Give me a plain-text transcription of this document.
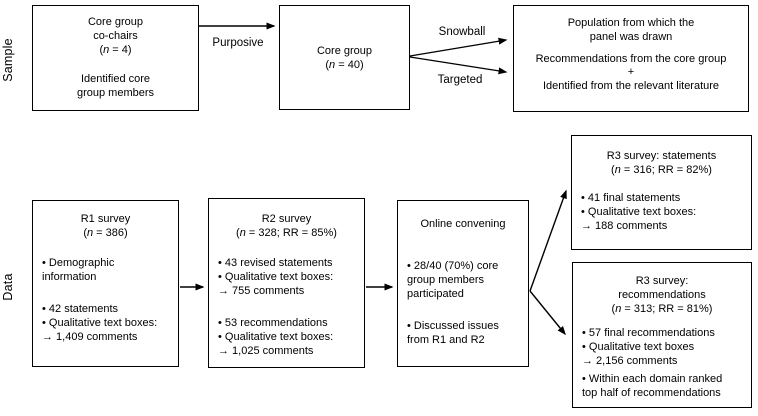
Sample
Data
Purposive
Snowball
Targeted
Core group
co-chairs
(n = 4)
Identified core
group members
Core group
(n = 40)
Population from which the
panel was drawn
Recommendations from the core group
+
Identified from the relevant literature
R1 survey
(n = 386)
• Demographic
information
• 42 statements
• Qualitative text boxes:
→ 1,409 comments
R2 survey
(n = 328; RR = 85%)
• 43 revised statements
• Qualitative text boxes:
→ 755 comments
• 53 recommendations
• Qualitative text boxes:
→ 1,025 comments
Online convening
• 28/40 (70%) core
group members
participated
• Discussed issues
from R1 and R2
R3 survey: statements
(n = 316; RR = 82%)
• 41 final statements
• Qualitative text boxes:
→ 188 comments
R3 survey:
recommendations
(n = 313; RR = 81%)
• 57 final recommendations
• Qualitative text boxes
→ 2,156 comments
• Within each domain ranked
top half of recommendations
